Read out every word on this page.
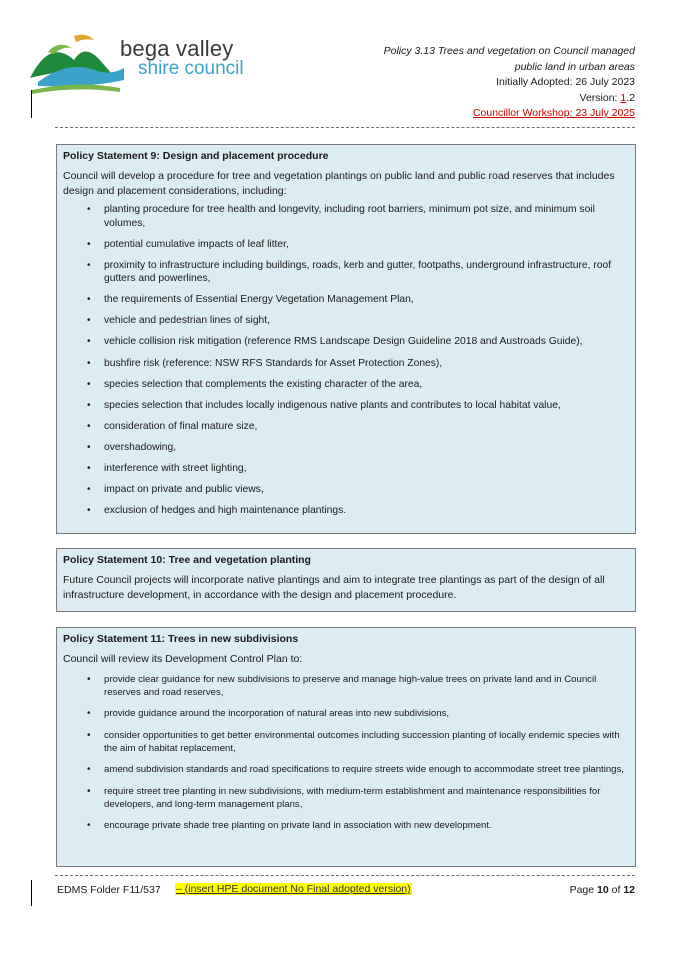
bega valley
shire council
Policy 3.13 Trees and vegetation on Council managed
public land in urban areas
Initially Adopted: 26 July 2023
Version: 1.2
Councillor Workshop: 23 July 2025
Policy Statement 9: Design and placement procedure

Council will develop a procedure for tree and vegetation plantings on public land and public road reserves that includes design and placement considerations, including:

• planting procedure for tree health and longevity, including root barriers, minimum pot size, and minimum soil volumes,
• potential cumulative impacts of leaf litter,
• proximity to infrastructure including buildings, roads, kerb and gutter, footpaths, underground infrastructure, roof gutters and powerlines,
• the requirements of Essential Energy Vegetation Management Plan,
• vehicle and pedestrian lines of sight,
• vehicle collision risk mitigation (reference RMS Landscape Design Guideline 2018 and Austroads Guide),
• bushfire risk (reference: NSW RFS Standards for Asset Protection Zones),
• species selection that complements the existing character of the area,
• species selection that includes locally indigenous native plants and contributes to local habitat value,
• consideration of final mature size,
• overshadowing,
• interference with street lighting,
• impact on private and public views,
• exclusion of hedges and high maintenance plantings.
Policy Statement 10: Tree and vegetation planting

Future Council projects will incorporate native plantings and aim to integrate tree plantings as part of the design of all infrastructure development, in accordance with the design and placement procedure.

Policy Statement 11: Trees in new subdivisions

Council will review its Development Control Plan to:

• provide clear guidance for new subdivisions to preserve and manage high-value trees on private land and in Council reserves and road reserves,
• provide guidance around the incorporation of natural areas into new subdivisions,
• consider opportunities to get better environmental outcomes including succession planting of locally endemic species with the aim of habitat replacement,
• amend subdivision standards and road specifications to require streets wide enough to accommodate street tree plantings,
• require street tree planting in new subdivisions, with medium-term establishment and maintenance responsibilities for developers, and long-term management plans,
• encourage private shade tree planting on private land in association with new development.
EDMS Folder F11/537 – (insert HPE document No Final adopted version)	Page 10 of 12
